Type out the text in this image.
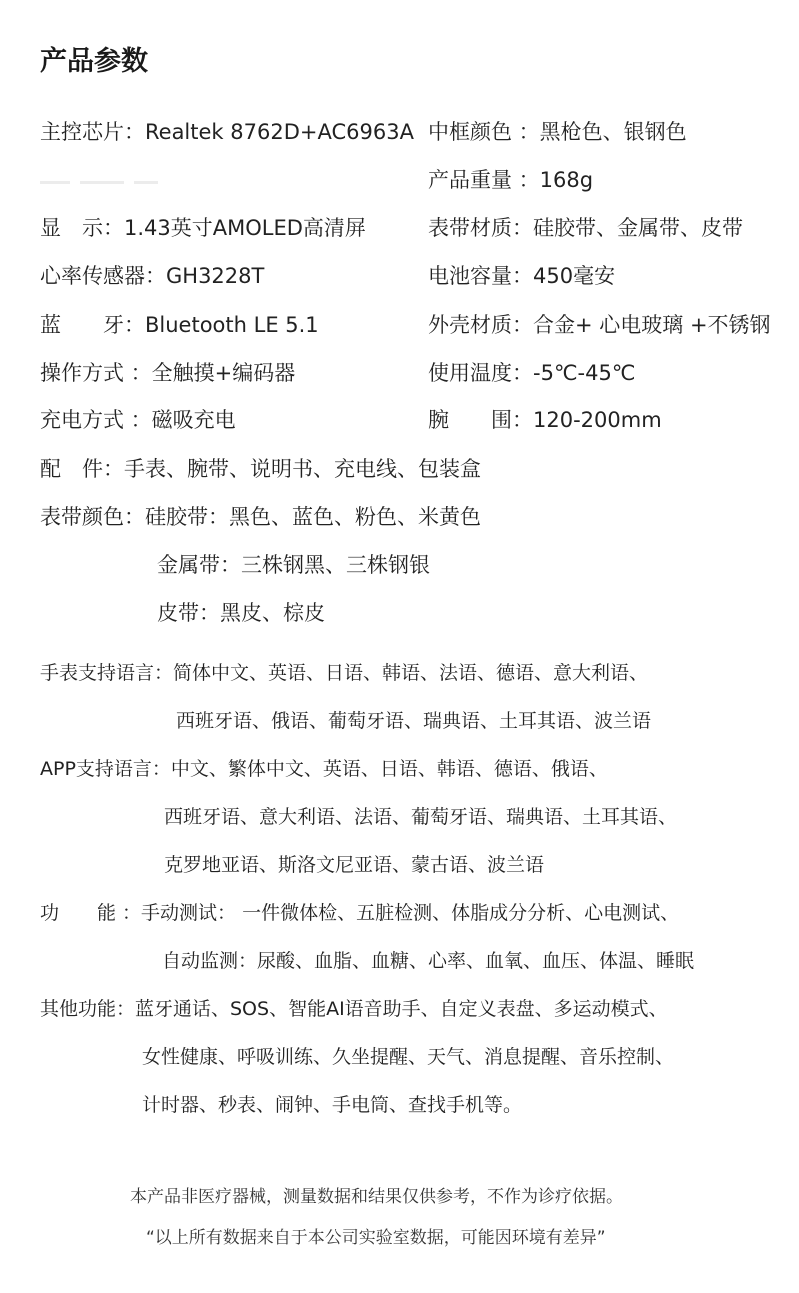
产品参数
主控芯片：Realtek 8762D+AC6963A
显　示：1.43英寸AMOLED高清屏
心率传感器：GH3228T
蓝　　牙：Bluetooth LE 5.1
操作方式 ：全触摸+编码器
充电方式 ：磁吸充电
中框颜色 ：黑枪色、银钢色
产品重量 ：168g
表带材质：硅胶带、金属带、皮带
电池容量：450毫安
外壳材质：合金+ 心电玻璃 +不锈钢
使用温度：-5℃-45℃
腕　　围：120-200mm
配　件：手表、腕带、说明书、充电线、包装盒
表带颜色：硅胶带：黑色、蓝色、粉色、米黄色
金属带：三株钢黑、三株钢银
皮带：黑皮、棕皮
手表支持语言：简体中文、英语、日语、韩语、法语、德语、意大利语、
西班牙语、俄语、葡萄牙语、瑞典语、土耳其语、波兰语
APP支持语言：中文、繁体中文、英语、日语、韩语、德语、俄语、
西班牙语、意大利语、法语、葡萄牙语、瑞典语、土耳其语、
克罗地亚语、斯洛文尼亚语、蒙古语、波兰语
功　　能 ：手动测试： 一件微体检、五脏检测、体脂成分分析、心电测试、
自动监测：尿酸、血脂、血糖、心率、血氧、血压、体温、睡眠
其他功能：蓝牙通话、SOS、智能AI语音助手、自定义表盘、多运动模式、
女性健康、呼吸训练、久坐提醒、天气、消息提醒、音乐控制、
计时器、秒表、闹钟、手电筒、查找手机等。
本产品非医疗器械，测量数据和结果仅供参考，不作为诊疗依据。
“以上所有数据来自于本公司实验室数据，可能因环境有差异”
